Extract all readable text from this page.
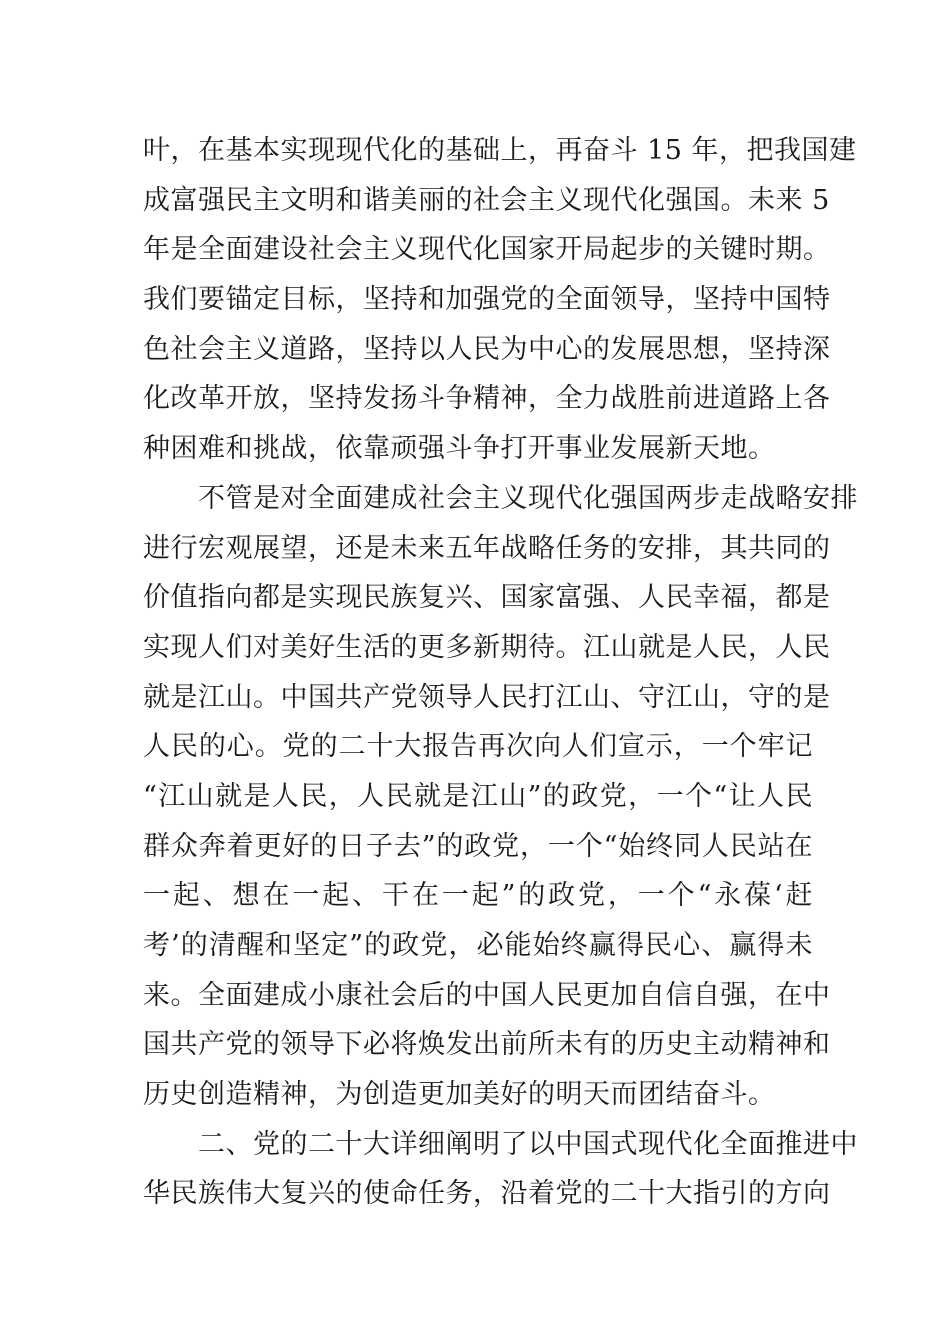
叶，在基本实现现代化的基础上，再奋斗 15 年，把我国建
成富强民主文明和谐美丽的社会主义现代化强国。未来 5
年是全面建设社会主义现代化国家开局起步的关键时期。
我们要锚定目标，坚持和加强党的全面领导，坚持中国特
色社会主义道路，坚持以人民为中心的发展思想，坚持深
化改革开放，坚持发扬斗争精神，全力战胜前进道路上各
种困难和挑战，依靠顽强斗争打开事业发展新天地。
　　不管是对全面建成社会主义现代化强国两步走战略安排
进行宏观展望，还是未来五年战略任务的安排，其共同的
价值指向都是实现民族复兴、国家富强、人民幸福，都是
实现人们对美好生活的更多新期待。江山就是人民，人民
就是江山。中国共产党领导人民打江山、守江山，守的是
人民的心。党的二十大报告再次向人们宣示，一个牢记
“江山就是人民，人民就是江山”的政党，一个“让人民
群众奔着更好的日子去”的政党，一个“始终同人民站在
一起、想在一起、干在一起”的政党，一个“永葆‘赶
考’的清醒和坚定”的政党，必能始终赢得民心、赢得未
来。全面建成小康社会后的中国人民更加自信自强，在中
国共产党的领导下必将焕发出前所未有的历史主动精神和
历史创造精神，为创造更加美好的明天而团结奋斗。
　　二、党的二十大详细阐明了以中国式现代化全面推进中
华民族伟大复兴的使命任务，沿着党的二十大指引的方向
